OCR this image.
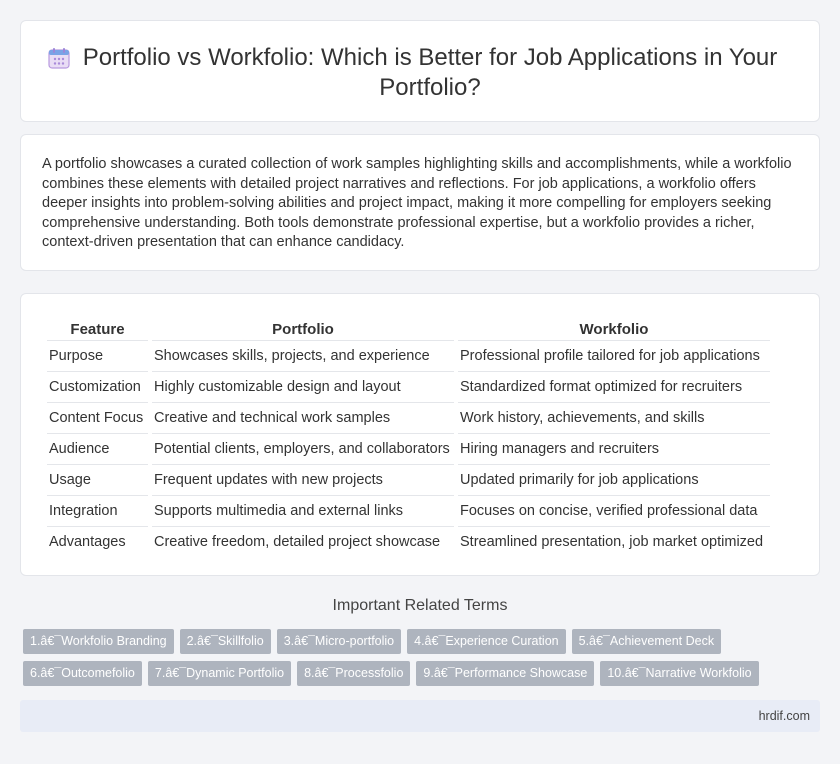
Portfolio vs Workfolio: Which is Better for Job Applications in Your Portfolio?

A portfolio showcases a curated collection of work samples highlighting skills and accomplishments, while a workfolio combines these elements with detailed project narratives and reflections. For job applications, a workfolio offers deeper insights into problem-solving abilities and project impact, making it more compelling for employers seeking comprehensive understanding. Both tools demonstrate professional expertise, but a workfolio provides a richer, context-driven presentation that can enhance candidacy.

Feature	Portfolio	Workfolio
Purpose	Showcases skills, projects, and experience	Professional profile tailored for job applications
Customization	Highly customizable design and layout	Standardized format optimized for recruiters
Content Focus	Creative and technical work samples	Work history, achievements, and skills
Audience	Potential clients, employers, and collaborators	Hiring managers and recruiters
Usage	Frequent updates with new projects	Updated primarily for job applications
Integration	Supports multimedia and external links	Focuses on concise, verified professional data
Advantages	Creative freedom, detailed project showcase	Streamlined presentation, job market optimized
Important Related Terms
1.â€¯Workfolio Branding	2.â€¯Skillfolio	3.â€¯Micro-portfolio	4.â€¯Experience Curation	5.â€¯Achievement Deck
6.â€¯Outcomefolio	7.â€¯Dynamic Portfolio	8.â€¯Processfolio	9.â€¯Performance Showcase	10.â€¯Narrative Workfolio
hrdif.com
